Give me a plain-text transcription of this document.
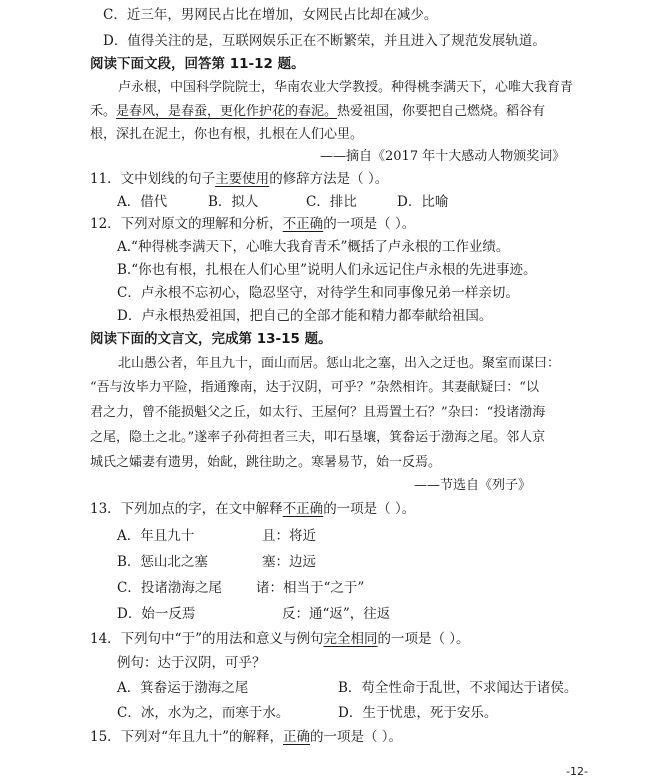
C．近三年，男网民占比在增加，女网民占比却在减少。
D．值得关注的是，互联网娱乐正在不断繁荣，并且进入了规范发展轨道。
阅读下面文段，回答第 11-12 题。
卢永根，中国科学院院士，华南农业大学教授。种得桃李满天下，心唯大我育青
禾。是春风，是春蚕，更化作护花的春泥。热爱祖国，你要把自己燃烧。稻谷有
根，深扎在泥土，你也有根，扎根在人们心里。
——摘自《2017 年十大感动人物颁奖词》
11．文中划线的句子主要使用的修辞方法是（ ）。
A．借代	B．拟人	C．排比	D．比喻
12．下列对原文的理解和分析，不正确的一项是（ ）。
A.“种得桃李满天下，心唯大我育青禾”概括了卢永根的工作业绩。
B.“你也有根，扎根在人们心里”说明人们永远记住卢永根的先进事迹。
C．卢永根不忘初心，隐忍坚守，对待学生和同事像兄弟一样亲切。
D．卢永根热爱祖国，把自己的全部才能和精力都奉献给祖国。
阅读下面的文言文，完成第 13-15 题。
北山愚公者，年且九十，面山而居。惩山北之塞，出入之迂也。聚室而谋曰：
“吾与汝毕力平险，指通豫南，达于汉阴，可乎？”杂然相许。其妻献疑曰：“以
君之力，曾不能损魁父之丘，如太行、王屋何？且焉置土石？”杂曰：“投诸渤海
之尾，隐土之北。”遂率子孙荷担者三夫，叩石垦壤，箕畚运于渤海之尾。邻人京
城氏之孀妻有遗男，始龀，跳往助之。寒暑易节，始一反焉。
——节选自《列子》
13．下列加点的字，在文中解释不正确的一项是（ ）。
A．年且九十	且：将近
B．惩山北之塞	塞：边远
C．投诸渤海之尾	诸：相当于“之于”
D．始一反焉	反：通“返”，往返
14．下列句中“于”的用法和意义与例句完全相同的一项是（ ）。
例句：达于汉阴，可乎？
A．箕畚运于渤海之尾	B．苟全性命于乱世，不求闻达于诸侯。
C．冰，水为之，而寒于水。	D．生于忧患，死于安乐。
15．下列对“年且九十”的解释，正确的一项是（ ）。
-12-
